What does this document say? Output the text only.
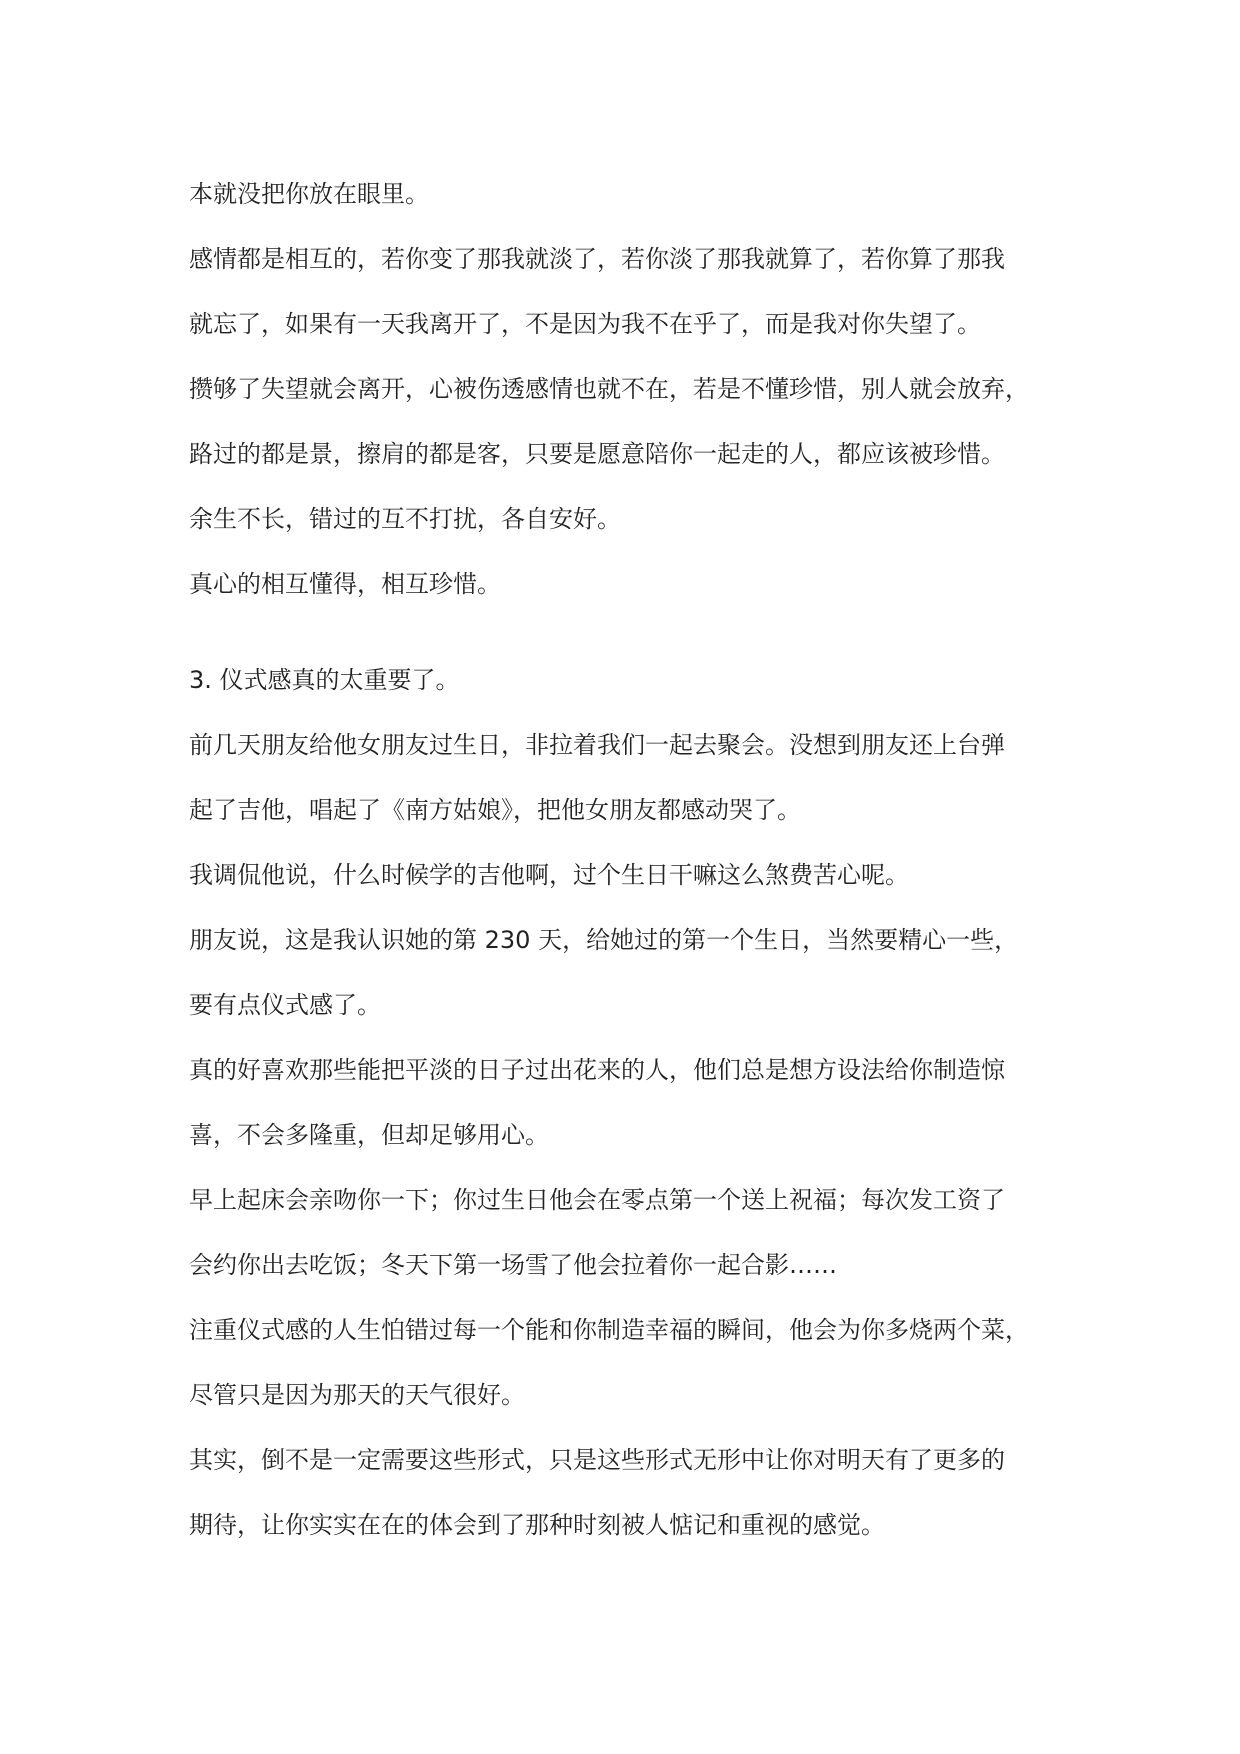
本就没把你放在眼里。

感情都是相互的，若你变了那我就淡了，若你淡了那我就算了，若你算了那我

就忘了，如果有一天我离开了，不是因为我不在乎了，而是我对你失望了。

攒够了失望就会离开，心被伤透感情也就不在，若是不懂珍惜，别人就会放弃，

路过的都是景，擦肩的都是客，只要是愿意陪你一起走的人，都应该被珍惜。

余生不长，错过的互不打扰，各自安好。

真心的相互懂得，相互珍惜。

3. 仪式感真的太重要了。

前几天朋友给他女朋友过生日，非拉着我们一起去聚会。没想到朋友还上台弹

起了吉他，唱起了《南方姑娘》，把他女朋友都感动哭了。

我调侃他说，什么时候学的吉他啊，过个生日干嘛这么煞费苦心呢。

朋友说，这是我认识她的第 230 天，给她过的第一个生日，当然要精心一些，

要有点仪式感了。

真的好喜欢那些能把平淡的日子过出花来的人，他们总是想方设法给你制造惊

喜，不会多隆重，但却足够用心。

早上起床会亲吻你一下；你过生日他会在零点第一个送上祝福；每次发工资了

会约你出去吃饭；冬天下第一场雪了他会拉着你一起合影……

注重仪式感的人生怕错过每一个能和你制造幸福的瞬间，他会为你多烧两个菜，

尽管只是因为那天的天气很好。

其实，倒不是一定需要这些形式，只是这些形式无形中让你对明天有了更多的

期待，让你实实在在的体会到了那种时刻被人惦记和重视的感觉。
